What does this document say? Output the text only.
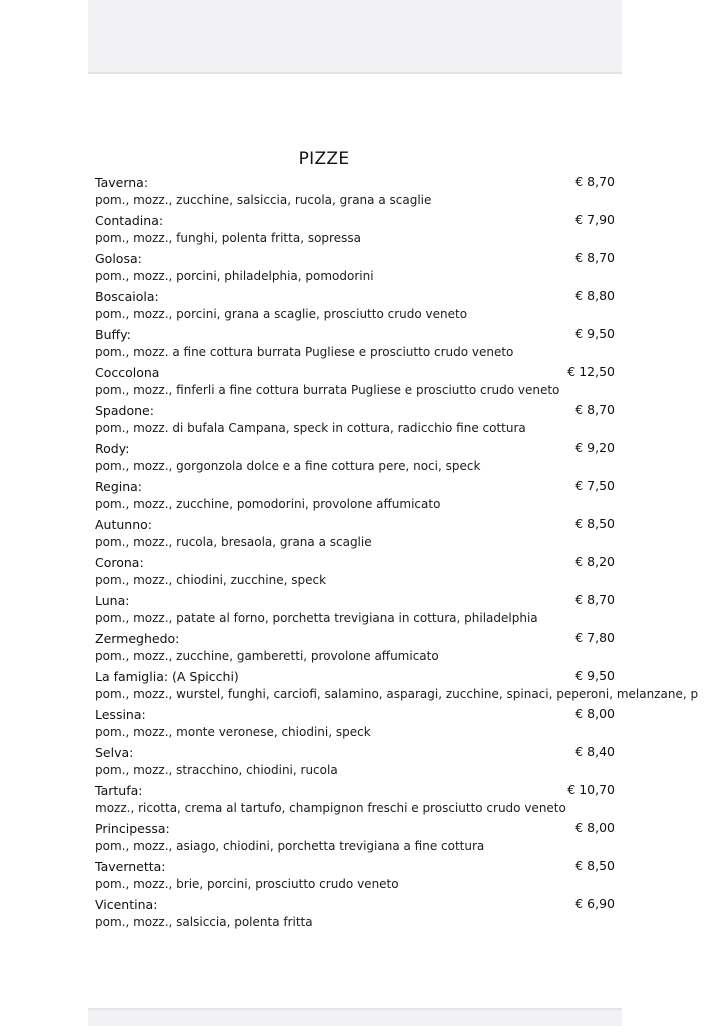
PIZZE
Taverna:	€ 8,70
pom., mozz., zucchine, salsiccia, rucola, grana a scaglie
Contadina:	€ 7,90
pom., mozz., funghi, polenta fritta, sopressa
Golosa:	€ 8,70
pom., mozz., porcini, philadelphia, pomodorini
Boscaiola:	€ 8,80
pom., mozz., porcini, grana a scaglie, prosciutto crudo veneto
Buffy:	€ 9,50
pom., mozz. a fine cottura burrata Pugliese e prosciutto crudo veneto
Coccolona	€ 12,50
pom., mozz., finferli a fine cottura burrata Pugliese e prosciutto crudo veneto
Spadone:	€ 8,70
pom., mozz. di bufala Campana, speck in cottura, radicchio fine cottura
Rody:	€ 9,20
pom., mozz., gorgonzola dolce e a fine cottura pere, noci, speck
Regina:	€ 7,50
pom., mozz., zucchine, pomodorini, provolone affumicato
Autunno:	€ 8,50
pom., mozz., rucola, bresaola, grana a scaglie
Corona:	€ 8,20
pom., mozz., chiodini, zucchine, speck
Luna:	€ 8,70
pom., mozz., patate al forno, porchetta trevigiana in cottura, philadelphia
Zermeghedo:	€ 7,80
pom., mozz., zucchine, gamberetti, provolone affumicato
La famiglia: (A Spicchi)	€ 9,50
pom., mozz., wurstel, funghi, carciofi, salamino, asparagi, zucchine, spinaci, peperoni, melanzane, p
Lessina:	€ 8,00
pom., mozz., monte veronese, chiodini, speck
Selva:	€ 8,40
pom., mozz., stracchino, chiodini, rucola
Tartufa:	€ 10,70
mozz., ricotta, crema al tartufo, champignon freschi e prosciutto crudo veneto
Principessa:	€ 8,00
pom., mozz., asiago, chiodini, porchetta trevigiana a fine cottura
Tavernetta:	€ 8,50
pom., mozz., brie, porcini, prosciutto crudo veneto
Vicentina:	€ 6,90
pom., mozz., salsiccia, polenta fritta
